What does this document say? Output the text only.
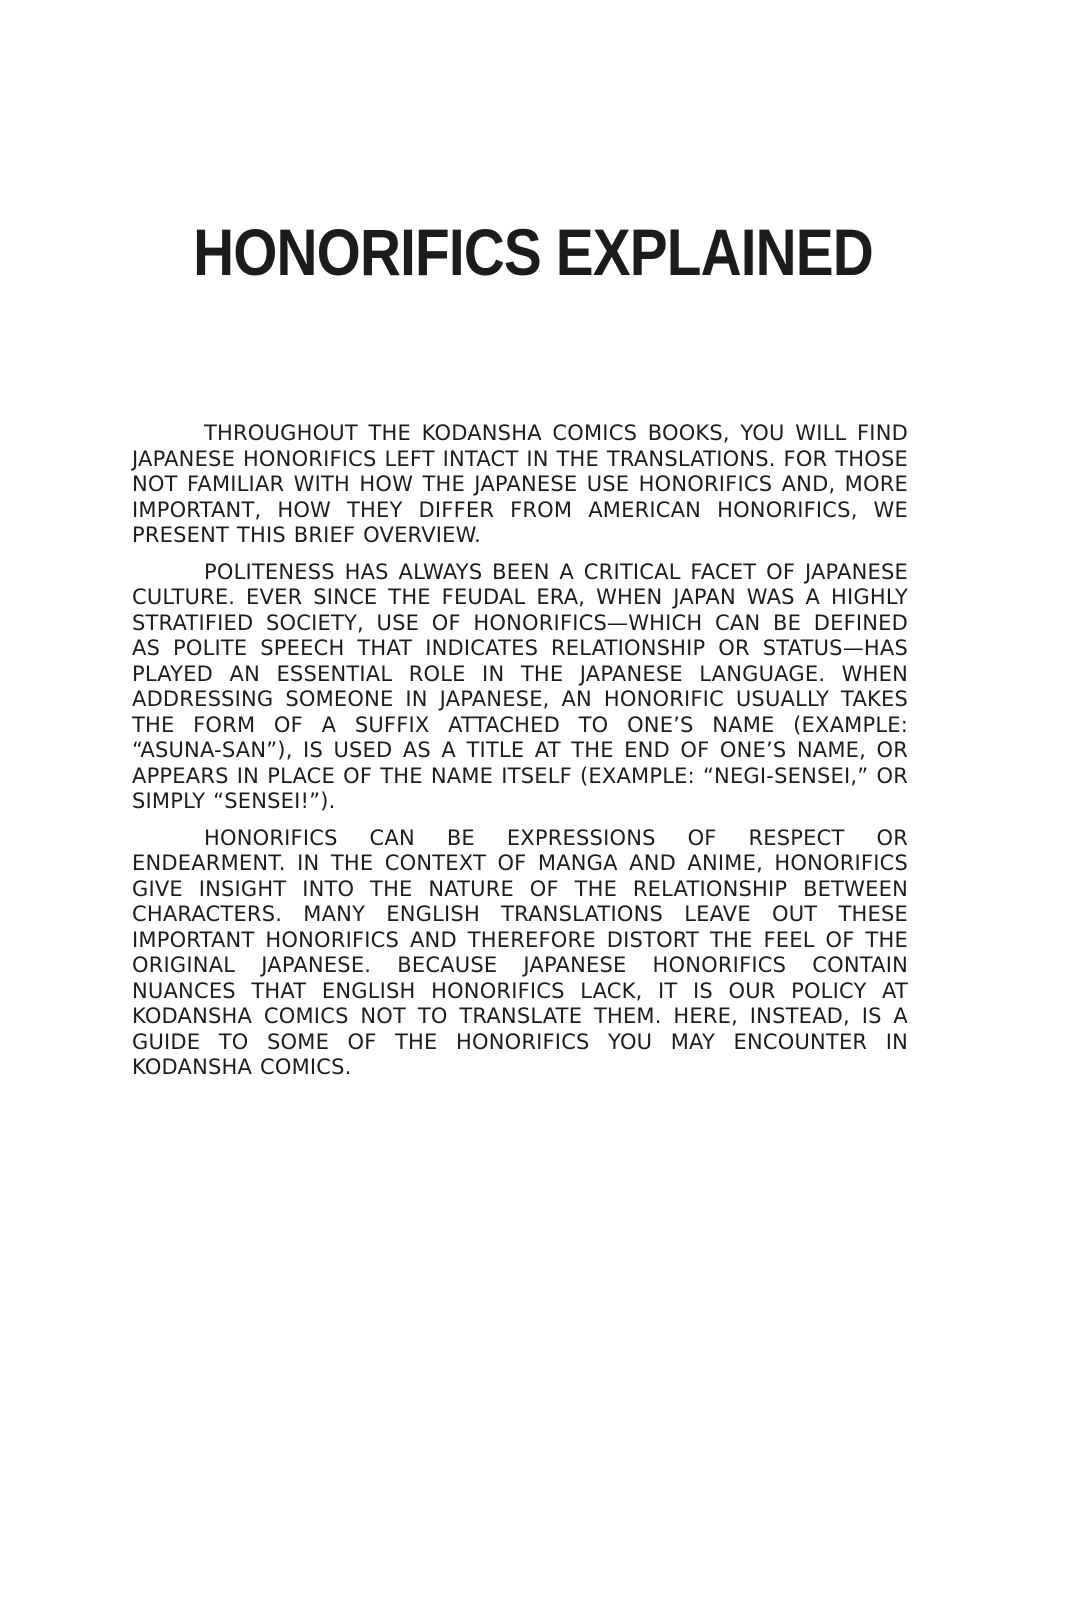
HONORIFICS EXPLAINED

THROUGHOUT THE KODANSHA COMICS BOOKS, YOU WILL FIND JAPANESE HONORIFICS LEFT INTACT IN THE TRANSLATIONS. FOR THOSE NOT FAMILIAR WITH HOW THE JAPANESE USE HONORIFICS AND, MORE IMPORTANT, HOW THEY DIFFER FROM AMERICAN HONORIFICS, WE PRESENT THIS BRIEF OVERVIEW.

POLITENESS HAS ALWAYS BEEN A CRITICAL FACET OF JAPANESE CULTURE. EVER SINCE THE FEUDAL ERA, WHEN JAPAN WAS A HIGHLY STRATIFIED SOCIETY, USE OF HONORIFICS—WHICH CAN BE DEFINED AS POLITE SPEECH THAT INDICATES RELATIONSHIP OR STATUS—HAS PLAYED AN ESSENTIAL ROLE IN THE JAPANESE LANGUAGE. WHEN ADDRESSING SOMEONE IN JAPANESE, AN HONORIFIC USUALLY TAKES THE FORM OF A SUFFIX ATTACHED TO ONE’S NAME (EXAMPLE: “ASUNA-SAN”), IS USED AS A TITLE AT THE END OF ONE’S NAME, OR APPEARS IN PLACE OF THE NAME ITSELF (EXAMPLE: “NEGI-SENSEI,” OR SIMPLY “SENSEI!”).

HONORIFICS CAN BE EXPRESSIONS OF RESPECT OR ENDEARMENT. IN THE CONTEXT OF MANGA AND ANIME, HONORIFICS GIVE INSIGHT INTO THE NATURE OF THE RELATIONSHIP BETWEEN CHARACTERS. MANY ENGLISH TRANSLATIONS LEAVE OUT THESE IMPORTANT HONORIFICS AND THEREFORE DISTORT THE FEEL OF THE ORIGINAL JAPANESE. BECAUSE JAPANESE HONORIFICS CONTAIN NUANCES THAT ENGLISH HONORIFICS LACK, IT IS OUR POLICY AT KODANSHA COMICS NOT TO TRANSLATE THEM. HERE, INSTEAD, IS A GUIDE TO SOME OF THE HONORIFICS YOU MAY ENCOUNTER IN KODANSHA COMICS.
